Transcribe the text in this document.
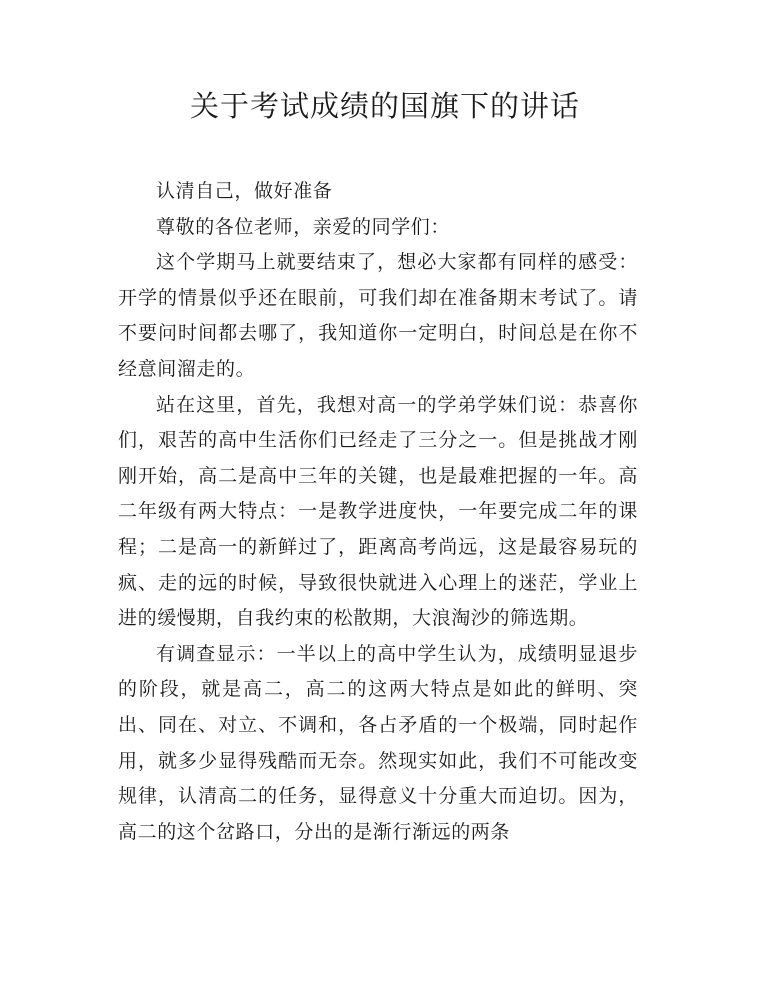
关于考试成绩的国旗下的讲话

认清自己，做好准备

尊敬的各位老师，亲爱的同学们：

这个学期马上就要结束了，想必大家都有同样的感受：开学的情景似乎还在眼前，可我们却在准备期末考试了。请不要问时间都去哪了，我知道你一定明白，时间总是在你不经意间溜走的。

站在这里，首先，我想对高一的学弟学妹们说：恭喜你们，艰苦的高中生活你们已经走了三分之一。但是挑战才刚刚开始，高二是高中三年的关键，也是最难把握的一年。高二年级有两大特点：一是教学进度快，一年要完成二年的课程；二是高一的新鲜过了，距离高考尚远，这是最容易玩的疯、走的远的时候，导致很快就进入心理上的迷茫，学业上进的缓慢期，自我约束的松散期，大浪淘沙的筛选期。

有调查显示：一半以上的高中学生认为，成绩明显退步的阶段，就是高二，高二的这两大特点是如此的鲜明、突出、同在、对立、不调和，各占矛盾的一个极端，同时起作用，就多少显得残酷而无奈。然现实如此，我们不可能改变规律，认清高二的任务，显得意义十分重大而迫切。因为，高二的这个岔路口，分出的是渐行渐远的两条
